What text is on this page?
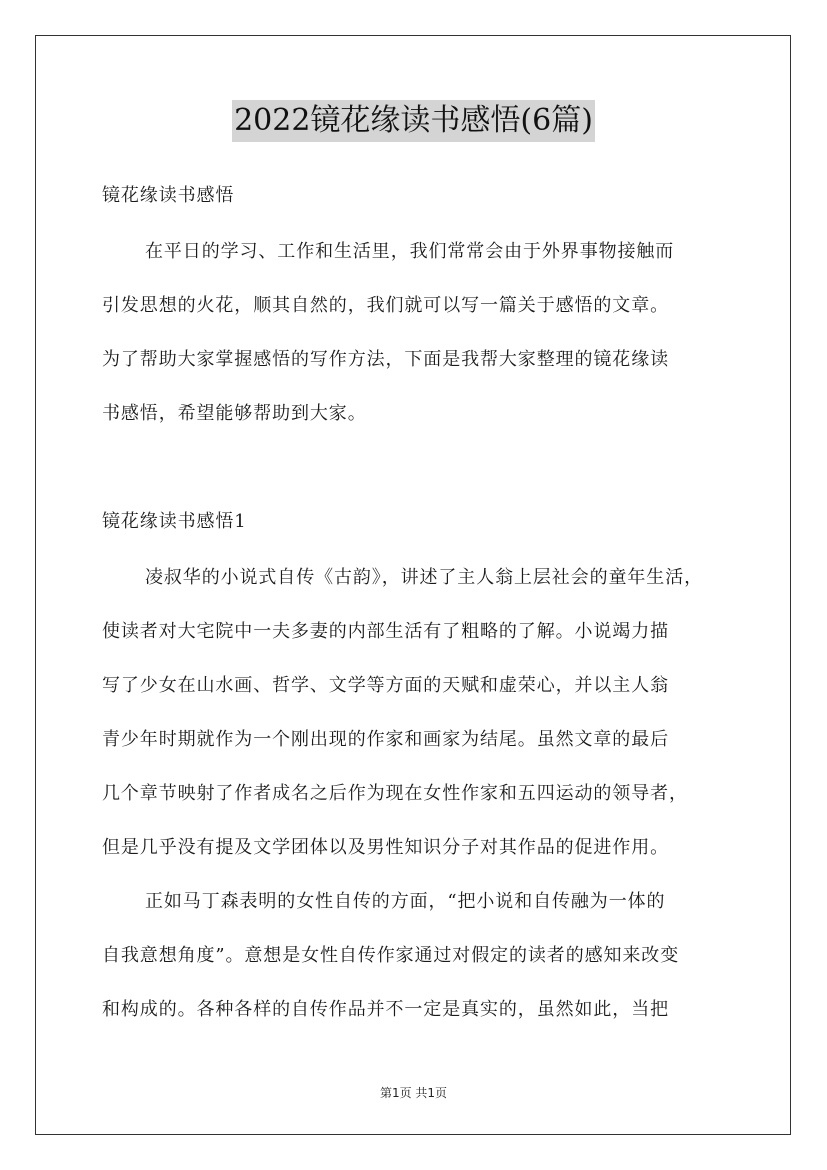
2022镜花缘读书感悟(6篇)
镜花缘读书感悟
在平日的学习、工作和生活里，我们常常会由于外界事物接触而
引发思想的火花，顺其自然的，我们就可以写一篇关于感悟的文章。
为了帮助大家掌握感悟的写作方法，下面是我帮大家整理的镜花缘读
书感悟，希望能够帮助到大家。
镜花缘读书感悟1
凌叔华的小说式自传《古韵》，讲述了主人翁上层社会的童年生活，
使读者对大宅院中一夫多妻的内部生活有了粗略的了解。小说竭力描
写了少女在山水画、哲学、文学等方面的天赋和虚荣心，并以主人翁
青少年时期就作为一个刚出现的作家和画家为结尾。虽然文章的最后
几个章节映射了作者成名之后作为现在女性作家和五四运动的领导者，
但是几乎没有提及文学团体以及男性知识分子对其作品的促进作用。
正如马丁森表明的女性自传的方面，“把小说和自传融为一体的
自我意想角度”。意想是女性自传作家通过对假定的读者的感知来改变
和构成的。各种各样的自传作品并不一定是真实的，虽然如此，当把
第1页 共1页
